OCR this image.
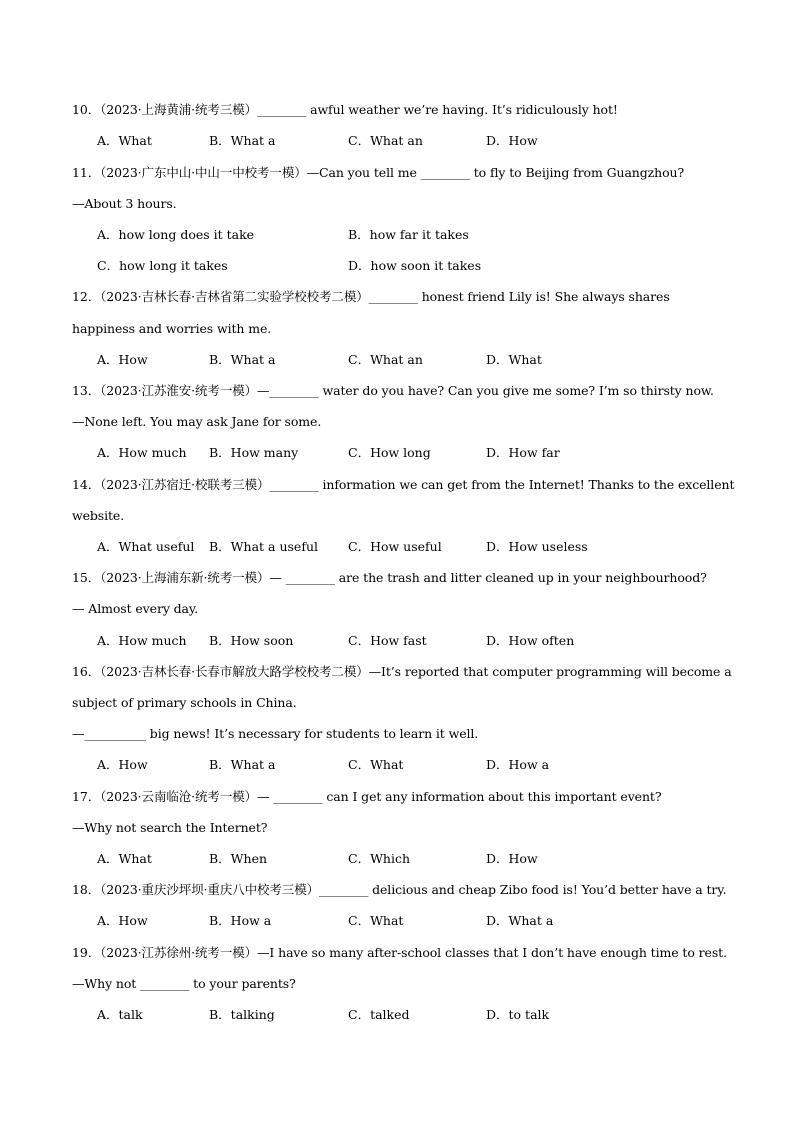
10．（2023·上海黄浦·统考三模）________ awful weather we’re having. It’s ridiculously hot!
A．What	B．What a	C．What an	D．How
11．（2023·广东中山·中山一中校考一模）—Can you tell me ________ to fly to Beijing from Guangzhou?
—About 3 hours.
A．how long does it take	B．how far it takes
C．how long it takes	D．how soon it takes
12．（2023·吉林长春·吉林省第二实验学校校考二模）________ honest friend Lily is! She always shares
happiness and worries with me.
A．How	B．What a	C．What an	D．What
13．（2023·江苏淮安·统考一模）—________ water do you have? Can you give me some? I’m so thirsty now.
—None left. You may ask Jane for some.
A．How much B．How many	C．How long	D．How far
14．（2023·江苏宿迁·校联考三模）________ information we can get from the Internet! Thanks to the excellent
website.
A．What useful B．What a useful C．How useful	D．How useless
15．（2023·上海浦东新·统考一模）— ________ are the trash and litter cleaned up in your neighbourhood?
— Almost every day.
A．How much B．How soon	C．How fast	D．How often
16．（2023·吉林长春·长春市解放大路学校校考二模）—It’s reported that computer programming will become a
subject of primary schools in China.
—__________ big news! It’s necessary for students to learn it well.
A．How	B．What a	C．What	D．How a
17．（2023·云南临沧·统考一模）— ________ can I get any information about this important event?
—Why not search the Internet?
A．What	B．When	C．Which	D．How
18．（2023·重庆沙坪坝·重庆八中校考三模）________ delicious and cheap Zibo food is! You’d better have a try.
A．How	B．How a	C．What	D．What a
19．（2023·江苏徐州·统考一模）—I have so many after-school classes that I don’t have enough time to rest.
—Why not ________ to your parents?
A．talk	B．talking	C．talked	D．to talk
